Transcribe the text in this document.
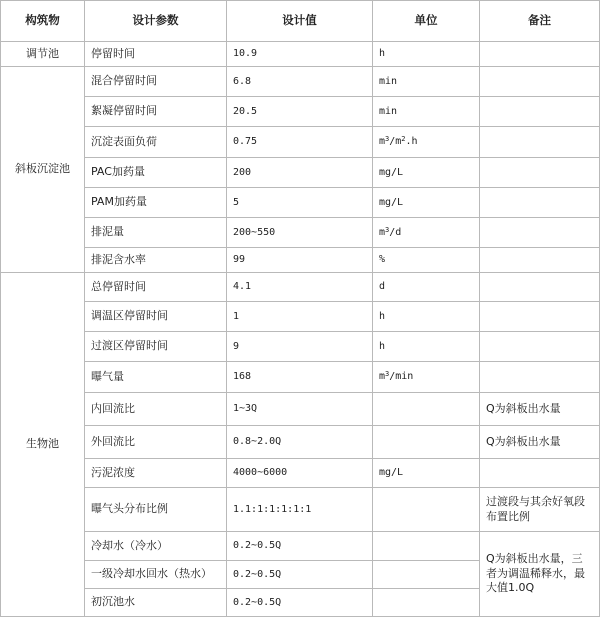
构筑物	设计参数	设计值	单位	备注
调节池	停留时间	10.9	h	
斜板沉淀池	混合停留时间	6.8	min	
	絮凝停留时间	20.5	min	
	沉淀表面负荷	0.75	$m^3/m^2.h$	
	PAC加药量	200	mg/L	
	PAM加药量	5	mg/L	
	排泥量	200~550	$m^3/d$	
	排泥含水率	99	%	
生物池	总停留时间	4.1	d	
	调温区停留时间	1	h	
	过渡区停留时间	9	h	
	曝气量	168	$m^3/\min$	
	内回流比	1~3Q		Q为斜板出水量
	外回流比	0.8~2.0Q		Q为斜板出水量
	污泥浓度	4000~6000	mg/L	
	曝气头分布比例	1.1:1:1:1:1:1		过渡段与其余好氧段布置比例
	冷却水（冷水）	0.2~0.5Q		Q为斜板出水量，三者为调温稀释水，最大值1.0Q
	一级冷却水回水（热水）	0.2~0.5Q		
	初沉池水	0.2~0.5Q		
